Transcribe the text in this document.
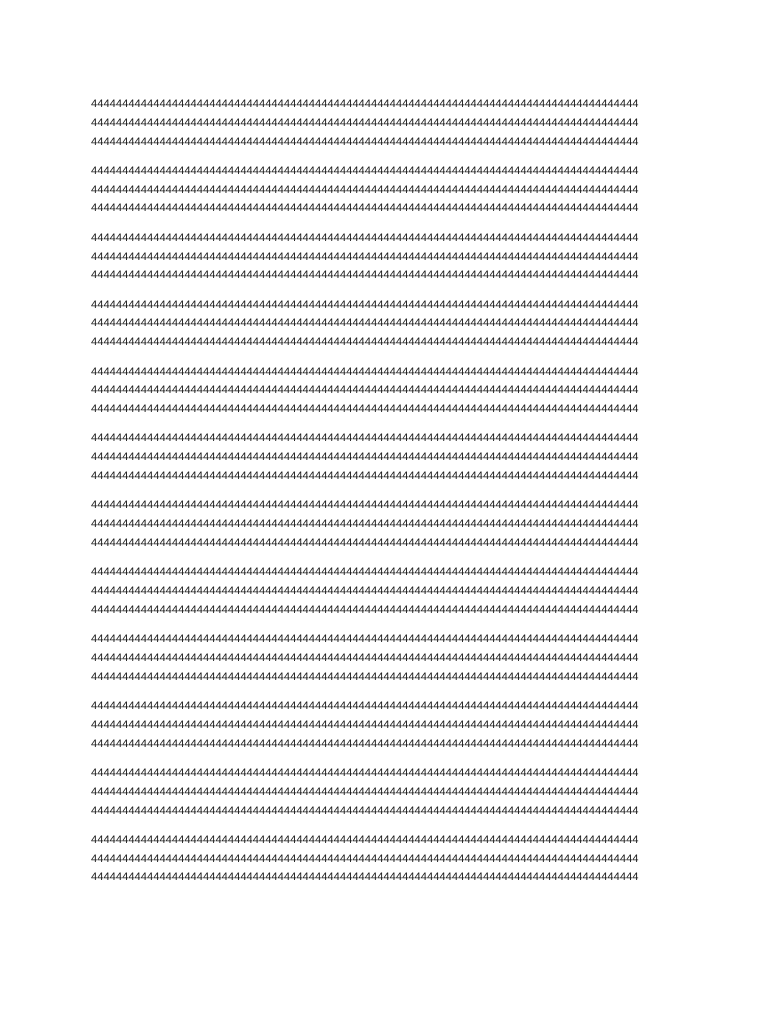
4444444444444444444444444444444444444444444444444444444444444444444444444444444444444444
4444444444444444444444444444444444444444444444444444444444444444444444444444444444444444
4444444444444444444444444444444444444444444444444444444444444444444444444444444444444444
4444444444444444444444444444444444444444444444444444444444444444444444444444444444444444
4444444444444444444444444444444444444444444444444444444444444444444444444444444444444444
4444444444444444444444444444444444444444444444444444444444444444444444444444444444444444
4444444444444444444444444444444444444444444444444444444444444444444444444444444444444444
4444444444444444444444444444444444444444444444444444444444444444444444444444444444444444
4444444444444444444444444444444444444444444444444444444444444444444444444444444444444444
4444444444444444444444444444444444444444444444444444444444444444444444444444444444444444
4444444444444444444444444444444444444444444444444444444444444444444444444444444444444444
4444444444444444444444444444444444444444444444444444444444444444444444444444444444444444
4444444444444444444444444444444444444444444444444444444444444444444444444444444444444444
4444444444444444444444444444444444444444444444444444444444444444444444444444444444444444
4444444444444444444444444444444444444444444444444444444444444444444444444444444444444444
4444444444444444444444444444444444444444444444444444444444444444444444444444444444444444
4444444444444444444444444444444444444444444444444444444444444444444444444444444444444444
4444444444444444444444444444444444444444444444444444444444444444444444444444444444444444
4444444444444444444444444444444444444444444444444444444444444444444444444444444444444444
4444444444444444444444444444444444444444444444444444444444444444444444444444444444444444
4444444444444444444444444444444444444444444444444444444444444444444444444444444444444444
4444444444444444444444444444444444444444444444444444444444444444444444444444444444444444
4444444444444444444444444444444444444444444444444444444444444444444444444444444444444444
4444444444444444444444444444444444444444444444444444444444444444444444444444444444444444
4444444444444444444444444444444444444444444444444444444444444444444444444444444444444444
4444444444444444444444444444444444444444444444444444444444444444444444444444444444444444
4444444444444444444444444444444444444444444444444444444444444444444444444444444444444444
4444444444444444444444444444444444444444444444444444444444444444444444444444444444444444
4444444444444444444444444444444444444444444444444444444444444444444444444444444444444444
4444444444444444444444444444444444444444444444444444444444444444444444444444444444444444
4444444444444444444444444444444444444444444444444444444444444444444444444444444444444444
4444444444444444444444444444444444444444444444444444444444444444444444444444444444444444
4444444444444444444444444444444444444444444444444444444444444444444444444444444444444444
4444444444444444444444444444444444444444444444444444444444444444444444444444444444444444
4444444444444444444444444444444444444444444444444444444444444444444444444444444444444444
4444444444444444444444444444444444444444444444444444444444444444444444444444444444444444
